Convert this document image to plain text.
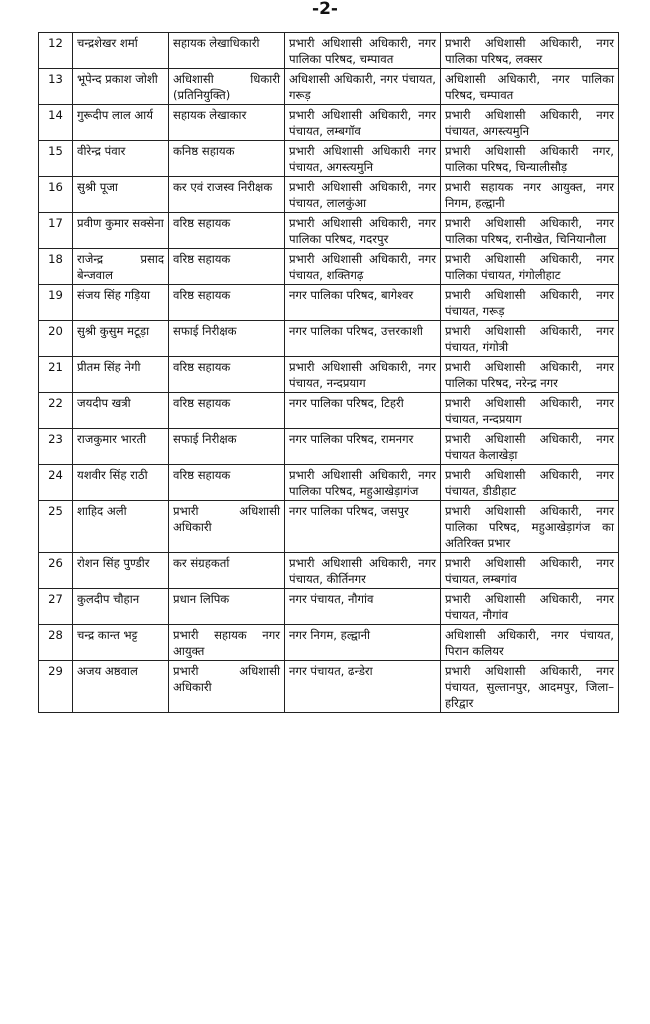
-2-
12	चन्द्रशेखर शर्मा	सहायक लेखाधिकारी	प्रभारी अधिशासी अधिकारी, नगर पालिका परिषद, चम्पावत	प्रभारी अधिशासी अधिकारी, नगर पालिका परिषद, लक्सर
13	भूपेन्द प्रकाश जोशी	अधिशासी धिकारी (प्रतिनियुक्ति)	अधिशासी अधिकारी, नगर पंचायत, गरूड़	अधिशासी अधिकारी, नगर पालिका परिषद, चम्पावत
14	गुरूदीप लाल आर्य	सहायक लेखाकार	प्रभारी अधिशासी अधिकारी, नगर पंचायत, लम्बगॉव	प्रभारी अधिशासी अधिकारी, नगर पंचायत, अगस्त्यमुनि
15	वीरेन्द्र पंवार	कनिष्ठ सहायक	प्रभारी अधिशासी अधिकारी नगर पंचायत, अगस्त्यमुनि	प्रभारी अधिशासी अधिकारी नगर, पालिका परिषद, चिन्यालीसौड़
16	सुश्री पूजा	कर एवं राजस्व निरीक्षक	प्रभारी अधिशासी अधिकारी, नगर पंचायत, लालकुंआ	प्रभारी सहायक नगर आयुक्त, नगर निगम, हल्द्वानी
17	प्रवीण कुमार सक्सेना	वरिष्ठ सहायक	प्रभारी अधिशासी अधिकारी, नगर पालिका परिषद, गदरपुर	प्रभारी अधिशासी अधिकारी, नगर पालिका परिषद, रानीखेत, चिनियानौला
18	राजेन्द्र प्रसाद बेन्जवाल	वरिष्ठ सहायक	प्रभारी अधिशासी अधिकारी, नगर पंचायत, शक्तिगढ़	प्रभारी अधिशासी अधिकारी, नगर पालिका पंचायत, गंगोलीहाट
19	संजय सिंह गड़िया	वरिष्ठ सहायक	नगर पालिका परिषद, बागेश्वर	प्रभारी अधिशासी अधिकारी, नगर पंचायत, गरूड़
20	सुश्री कुसुम मटूड़ा	सफाई निरीक्षक	नगर पालिका परिषद, उत्तरकाशी	प्रभारी अधिशासी अधिकारी, नगर पंचायत, गंगोत्री
21	प्रीतम सिंह नेगी	वरिष्ठ सहायक	प्रभारी अधिशासी अधिकारी, नगर पंचायत, नन्दप्रयाग	प्रभारी अधिशासी अधिकारी, नगर पालिका परिषद, नरेन्द्र नगर
22	जयदीप खत्री	वरिष्ठ सहायक	नगर पालिका परिषद, टिहरी	प्रभारी अधिशासी अधिकारी, नगर पंचायत, नन्दप्रयाग
23	राजकुमार भारती	सफाई निरीक्षक	नगर पालिका परिषद, रामनगर	प्रभारी अधिशासी अधिकारी, नगर पंचायत केलाखेड़ा
24	यशवीर सिंह राठी	वरिष्ठ सहायक	प्रभारी अधिशासी अधिकारी, नगर पालिका परिषद, महुआखेड़ागंज	प्रभारी अधिशासी अधिकारी, नगर पंचायत, डीडीहाट
25	शाहिद अली	प्रभारी अधिशासी अधिकारी	नगर पालिका परिषद, जसपुर	प्रभारी अधिशासी अधिकारी, नगर पालिका परिषद, महुआखेड़ागंज का अतिरिक्त प्रभार
26	रोशन सिंह पुण्डीर	कर संग्रहकर्ता	प्रभारी अधिशासी अधिकारी, नगर पंचायत, कीर्तिनगर	प्रभारी अधिशासी अधिकारी, नगर पंचायत, लम्बगांव
27	कुलदीप चौहान	प्रधान लिपिक	नगर पंचायत, नौगांव	प्रभारी अधिशासी अधिकारी, नगर पंचायत, नौगांव
28	चन्द्र कान्त भट्ट	प्रभारी सहायक नगर आयुक्त	नगर निगम, हल्द्वानी	अधिशासी अधिकारी, नगर पंचायत, पिरान कलियर
29	अजय अष्ठवाल	प्रभारी अधिशासी अधिकारी	नगर पंचायत, ढन्डेरा	प्रभारी अधिशासी अधिकारी, नगर पंचायत, सुल्तानपुर, आदमपुर, जिला–हरिद्वार
